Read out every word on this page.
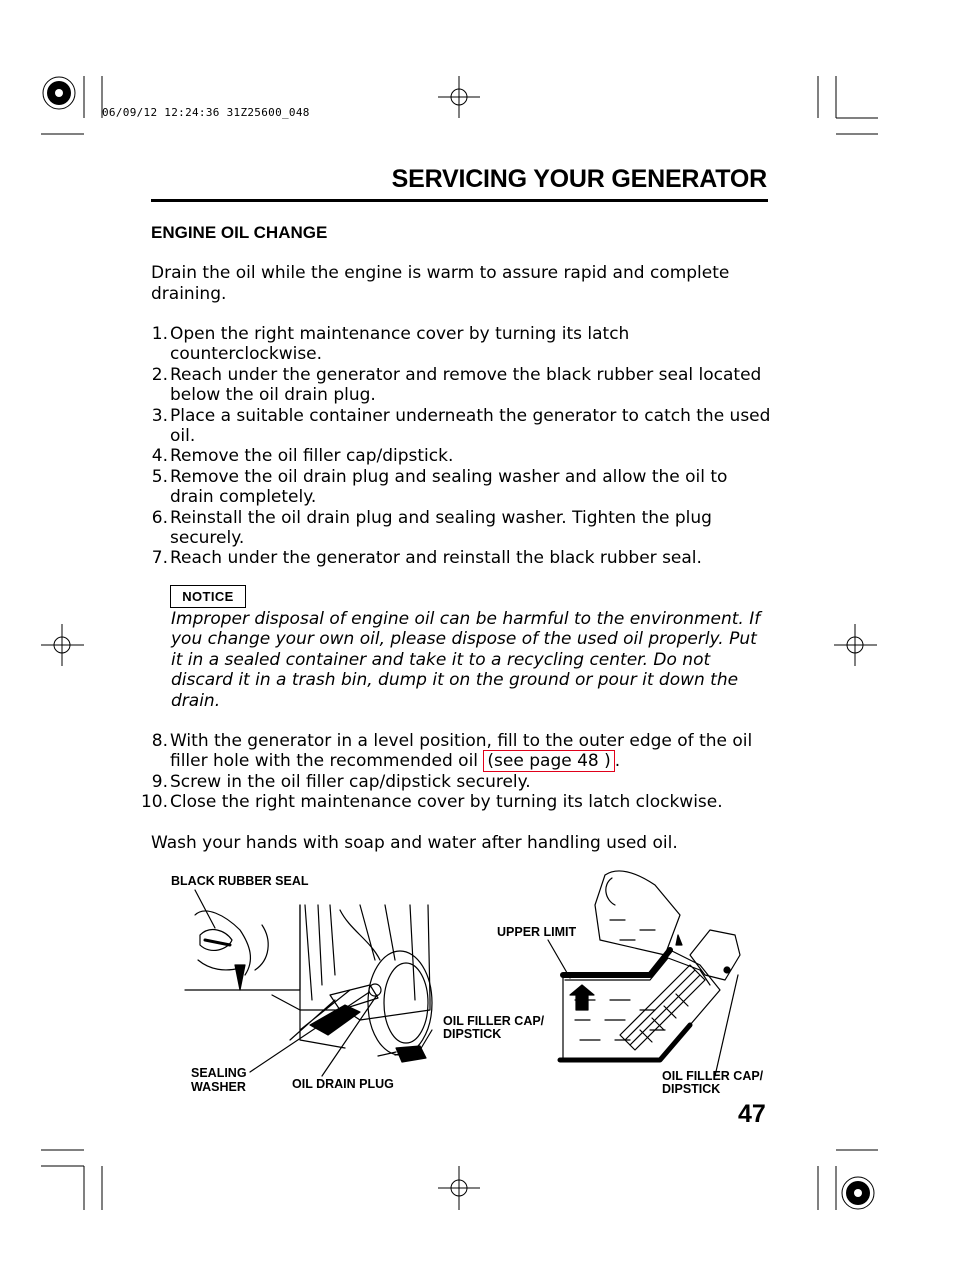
06/09/12 12:24:36 31Z25600_048
SERVICING YOUR GENERATOR
ENGINE OIL CHANGE
Drain the oil while the engine is warm to assure rapid and complete draining.
1. Open the right maintenance cover by turning its latch counterclockwise.
2. Reach under the generator and remove the black rubber seal located below the oil drain plug.
3. Place a suitable container underneath the generator to catch the used oil.
4. Remove the oil filler cap/dipstick.
5. Remove the oil drain plug and sealing washer and allow the oil to drain completely.
6. Reinstall the oil drain plug and sealing washer. Tighten the plug securely.
7. Reach under the generator and reinstall the black rubber seal.
NOTICE
Improper disposal of engine oil can be harmful to the environment. If you change your own oil, please dispose of the used oil properly. Put it in a sealed container and take it to a recycling center. Do not discard it in a trash bin, dump it on the ground or pour it down the drain.
8. With the generator in a level position, fill to the outer edge of the oil filler hole with the recommended oil (see page 48 ) .
9. Screw in the oil filler cap/dipstick securely.
10. Close the right maintenance cover by turning its latch clockwise.
Wash your hands with soap and water after handling used oil.
BLACK RUBBER SEAL
SEALING
WASHER	OIL DRAIN PLUG
OIL FILLER CAP/
DIPSTICK
UPPER LIMIT
OIL FILLER CAP/
DIPSTICK
47
